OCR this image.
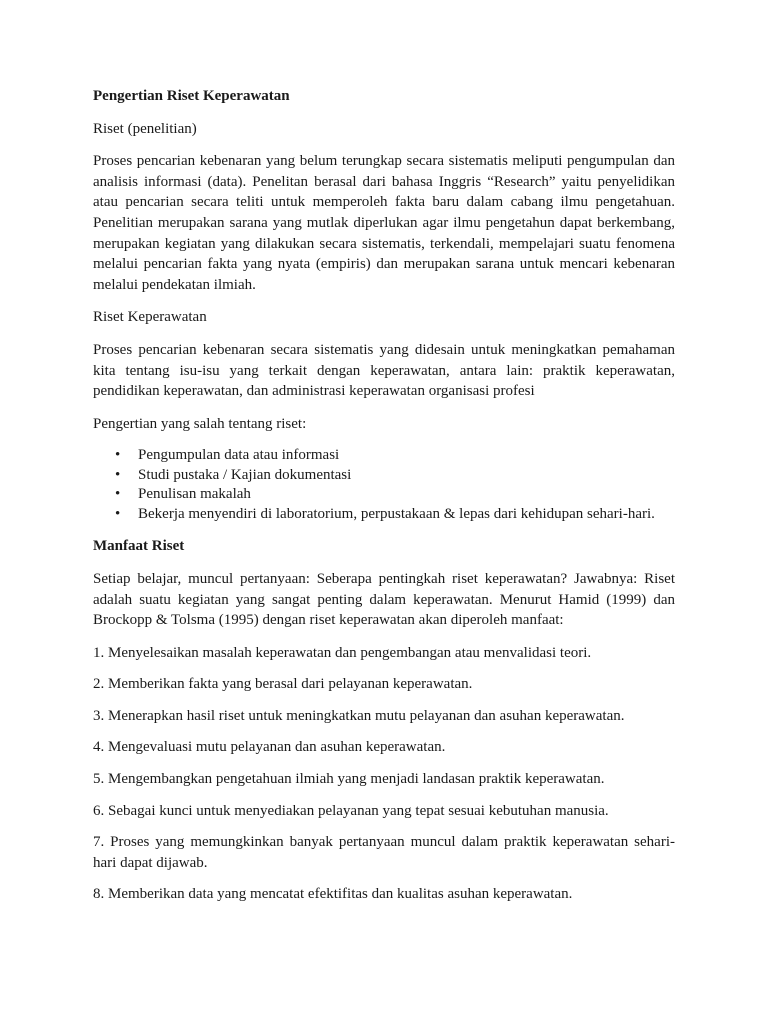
Pengertian Riset Keperawatan

Riset (penelitian)

Proses pencarian kebenaran yang belum terungkap secara sistematis meliputi pengumpulan dan analisis informasi (data). Penelitan berasal dari bahasa Inggris “Research” yaitu penyelidikan atau pencarian secara teliti untuk memperoleh fakta baru dalam cabang ilmu pengetahuan. Penelitian merupakan sarana yang mutlak diperlukan agar ilmu pengetahun dapat berkembang, merupakan kegiatan yang dilakukan secara sistematis, terkendali, mempelajari suatu fenomena melalui pencarian fakta yang nyata (empiris) dan merupakan sarana untuk mencari kebenaran melalui pendekatan ilmiah.

Riset Keperawatan

Proses pencarian kebenaran secara sistematis yang didesain untuk meningkatkan pemahaman kita tentang isu-isu yang terkait dengan keperawatan, antara lain: praktik keperawatan, pendidikan keperawatan, dan administrasi keperawatan organisasi profesi

Pengertian yang salah tentang riset:

• Pengumpulan data atau informasi
• Studi pustaka / Kajian dokumentasi
• Penulisan makalah
• Bekerja menyendiri di laboratorium, perpustakaan & lepas dari kehidupan sehari-hari.
Manfaat Riset

Setiap belajar, muncul pertanyaan: Seberapa pentingkah riset keperawatan? Jawabnya: Riset adalah suatu kegiatan yang sangat penting dalam keperawatan. Menurut Hamid (1999) dan Brockopp & Tolsma (1995) dengan riset keperawatan akan diperoleh manfaat:

1. Menyelesaikan masalah keperawatan dan pengembangan atau menvalidasi teori.
2. Memberikan fakta yang berasal dari pelayanan keperawatan.
3. Menerapkan hasil riset untuk meningkatkan mutu pelayanan dan asuhan keperawatan.
4. Mengevaluasi mutu pelayanan dan asuhan keperawatan.
5. Mengembangkan pengetahuan ilmiah yang menjadi landasan praktik keperawatan.
6. Sebagai kunci untuk menyediakan pelayanan yang tepat sesuai kebutuhan manusia.
7. Proses yang memungkinkan banyak pertanyaan muncul dalam praktik keperawatan sehari-hari dapat dijawab.
8. Memberikan data yang mencatat efektifitas dan kualitas asuhan keperawatan.
